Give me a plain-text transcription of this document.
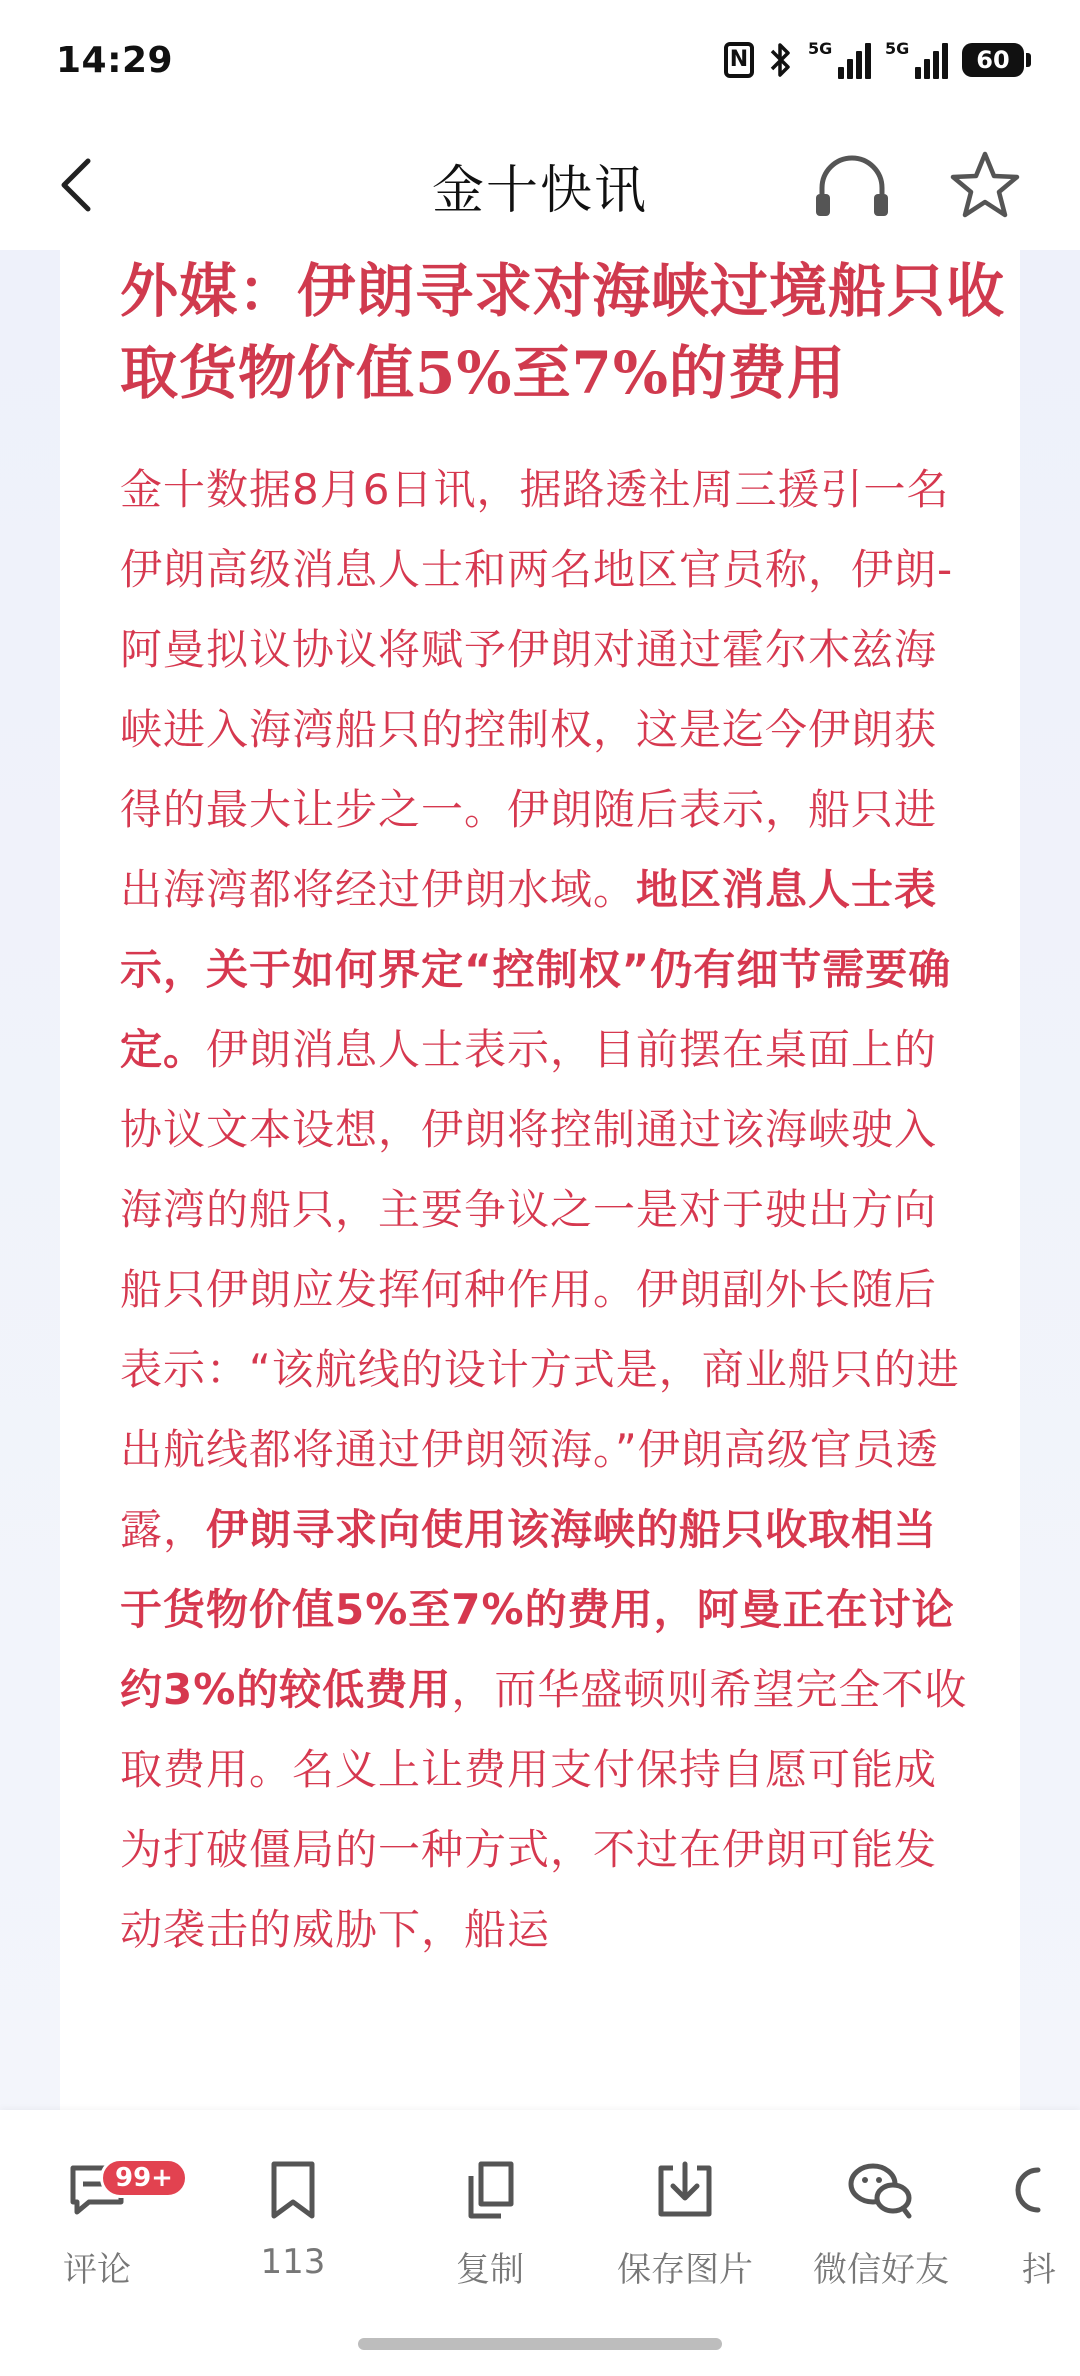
14:29	N	5G	5G	60
金十快讯
外媒：伊朗寻求对海峡过境船只收取货物价值5%至7%的费用

金十数据8月6日讯，据路透社周三援引一名伊朗高级消息人士和两名地区官员称，伊朗-阿曼拟议协议将赋予伊朗对通过霍尔木兹海峡进入海湾船只的控制权，这是迄今伊朗获得的最大让步之一。伊朗随后表示，船只进出海湾都将经过伊朗水域。地区消息人士表示，关于如何界定“控制权”仍有细节需要确定。伊朗消息人士表示，目前摆在桌面上的协议文本设想，伊朗将控制通过该海峡驶入海湾的船只，主要争议之一是对于驶出方向船只伊朗应发挥何种作用。伊朗副外长随后表示：“该航线的设计方式是，商业船只的进出航线都将通过伊朗领海。”伊朗高级官员透露，伊朗寻求向使用该海峡的船只收取相当于货物价值5%至7%的费用，阿曼正在讨论约3%的较低费用，而华盛顿则希望完全不收取费用。名义上让费用支付保持自愿可能成为打破僵局的一种方式，不过在伊朗可能发动袭击的威胁下，船运

99+
评论	113	复制	保存图片	微信好友	抖
